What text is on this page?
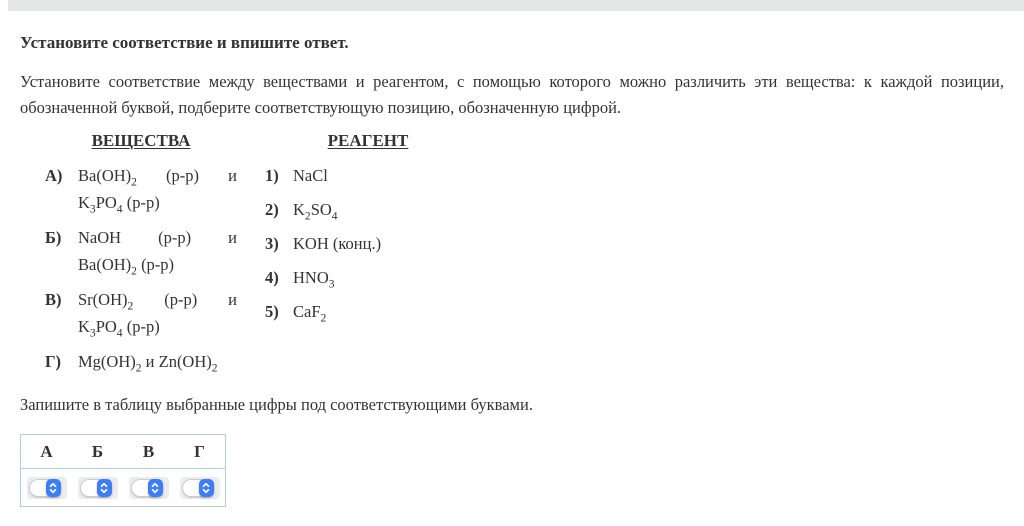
Установите соответствие и впишите ответ.

Установите соответствие между веществами и реагентом, с помощью которого можно различить эти вещества: к каждой позиции, обозначенной буквой, подберите соответствующую позицию, обозначенную цифрой.

ВЕЩЕСТВА
А) $Ba(OH)_2$ (р-р) и
$K_3PO_4$ (р-р)
Б)	NaOH (р-р) и
$Ba(OH)_2$ (р-р)
В)	$Sr(OH)_2$ (р-р) и
$K_3PO_4$ (р-р)
Г)	$Mg(OH)_2$ и $Zn(OH)_2$
РЕАГЕНТ
1) NaCl
2) $K_2SO_4$
3) KOH (конц.)
4) $HNO_3$
5) CaF$_2$

Запишите в таблицу выбранные цифры под соответствующими буквами.

А	Б	В	Г
